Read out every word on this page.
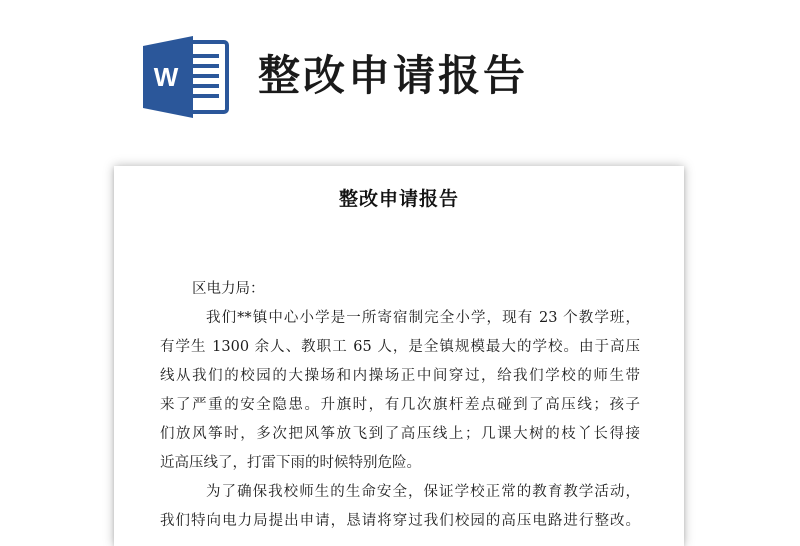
W 整改申请报告
整改申请报告
区电力局：
我们**镇中心小学是一所寄宿制完全小学，现有 23 个教学班，
有学生 1300 余人、教职工 65 人，是全镇规模最大的学校。由于高压
线从我们的校园的大操场和内操场正中间穿过，给我们学校的师生带
来了严重的安全隐患。升旗时，有几次旗杆差点碰到了高压线；孩子
们放风筝时，多次把风筝放飞到了高压线上；几课大树的枝丫长得接
近高压线了，打雷下雨的时候特别危险。
为了确保我校师生的生命安全，保证学校正常的教育教学活动，
我们特向电力局提出申请，恳请将穿过我们校园的高压电路进行整改。
